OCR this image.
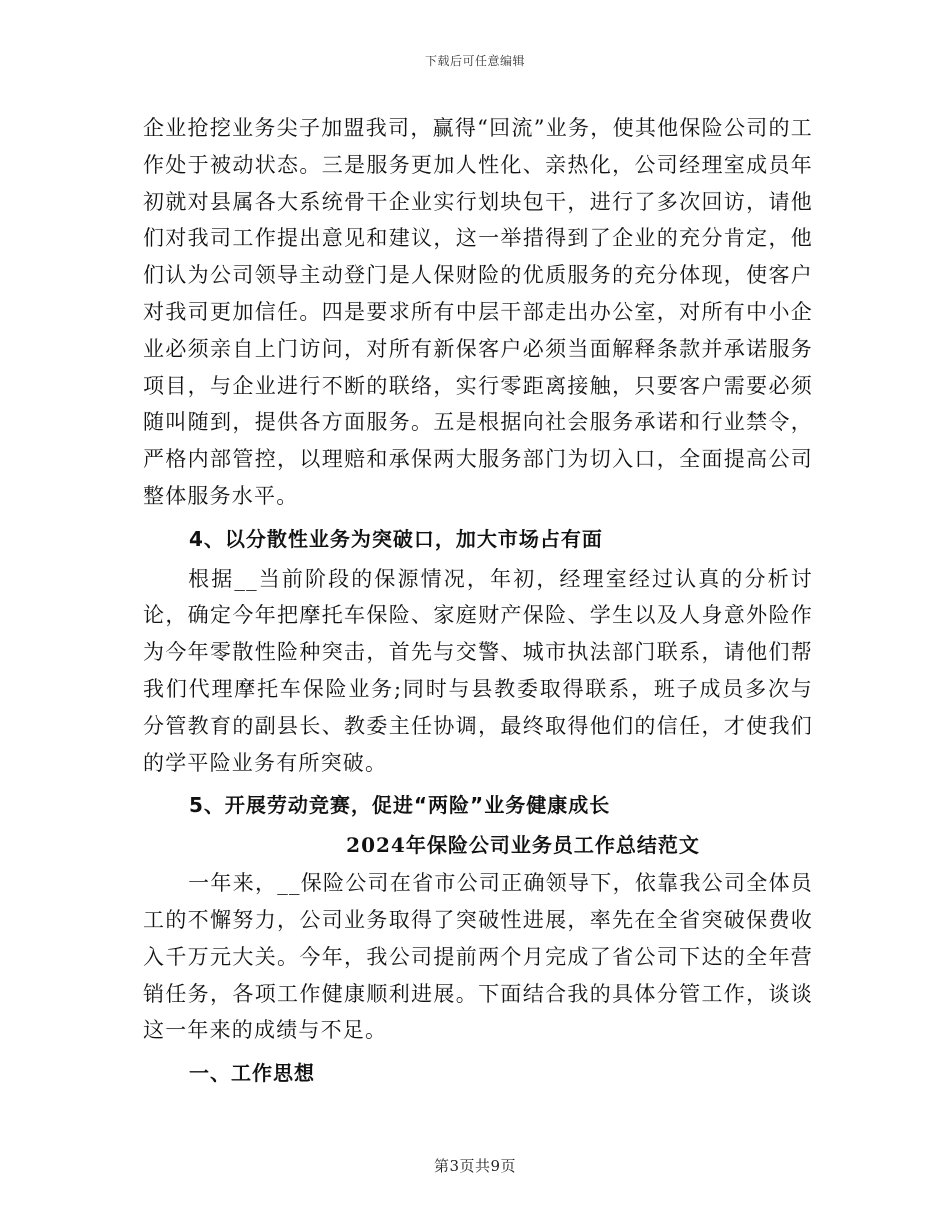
下载后可任意编辑

企业抢挖业务尖子加盟我司，赢得“回流”业务，使其他保险公司的工作处于被动状态。三是服务更加人性化、亲热化，公司经理室成员年初就对县属各大系统骨干企业实行划块包干，进行了多次回访，请他们对我司工作提出意见和建议，这一举措得到了企业的充分肯定，他们认为公司领导主动登门是人保财险的优质服务的充分体现，使客户对我司更加信任。四是要求所有中层干部走出办公室，对所有中小企业必须亲自上门访问，对所有新保客户必须当面解释条款并承诺服务项目，与企业进行不断的联络，实行零距离接触，只要客户需要必须随叫随到，提供各方面服务。五是根据向社会服务承诺和行业禁令，严格内部管控，以理赔和承保两大服务部门为切入口，全面提高公司整体服务水平。

4、以分散性业务为突破口，加大市场占有面

根据__当前阶段的保源情况，年初，经理室经过认真的分析讨论，确定今年把摩托车保险、家庭财产保险、学生以及人身意外险作为今年零散性险种突击，首先与交警、城市执法部门联系，请他们帮我们代理摩托车保险业务;同时与县教委取得联系，班子成员多次与分管教育的副县长、教委主任协调，最终取得他们的信任，才使我们的学平险业务有所突破。

5、开展劳动竞赛，促进“两险”业务健康成长
2024年保险公司业务员工作总结范文

一年来，__保险公司在省市公司正确领导下，依靠我公司全体员工的不懈努力，公司业务取得了突破性进展，率先在全省突破保费收入千万元大关。今年，我公司提前两个月完成了省公司下达的全年营销任务，各项工作健康顺利进展。下面结合我的具体分管工作，谈谈这一年来的成绩与不足。

一、工作思想
第3页共9页
